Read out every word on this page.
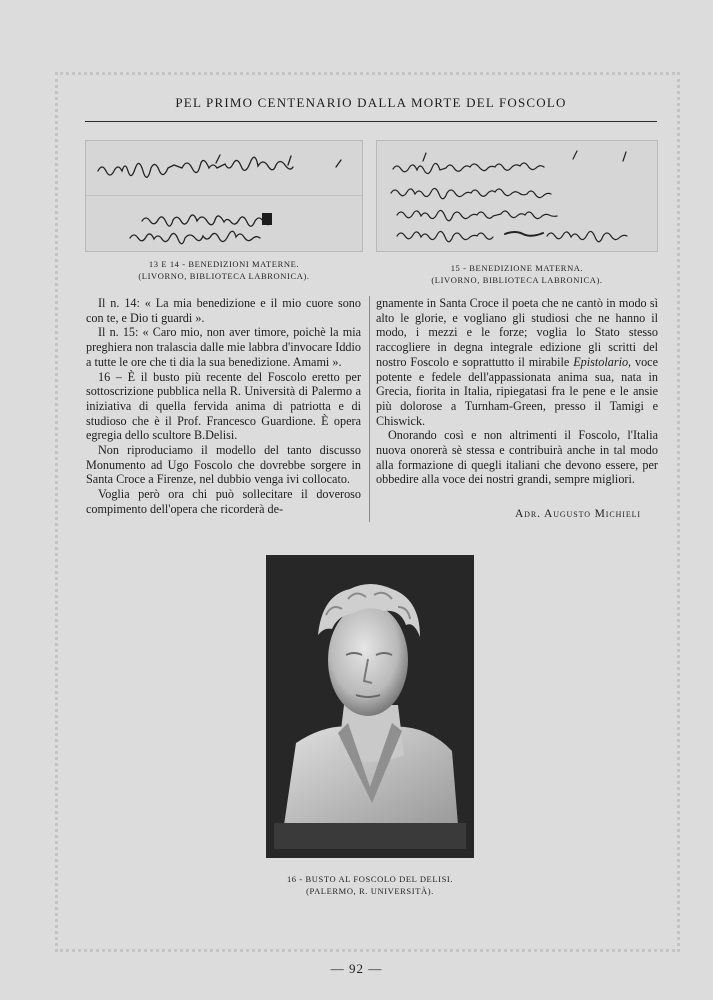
PEL PRIMO CENTENARIO DALLA MORTE DEL FOSCOLO
13 E 14 - BENEDIZIONI MATERNE.
(LIVORNO, BIBLIOTECA LABRONICA).
15 - BENEDIZIONE MATERNA.
(LIVORNO, BIBLIOTECA LABRONICA).

Il n. 14: « La mia benedizione e il mio cuore sono con te, e Dio ti guardi ».

Il n. 15: « Caro mio, non aver timore, poichè la mia preghiera non tralascia dalle mie labbra d'invocare Iddio a tutte le ore che ti dia la sua benedizione. Amami ».

16 – È il busto più recente del Foscolo eretto per sottoscrizione pubblica nella R. Università di Palermo a iniziativa di quella fervida anima di patriotta e di studioso che è il Prof. Francesco Guardione. È opera egregia dello scultore B.Delisi.

Non riproduciamo il modello del tanto discusso Monumento ad Ugo Foscolo che dovrebbe sorgere in Santa Croce a Firenze, nel dubbio venga ivi collocato.

Voglia però ora chi può sollecitare il doveroso compimento dell'opera che ricorderà de-

gnamente in Santa Croce il poeta che ne cantò in modo sì alto le glorie, e vogliano gli studiosi che ne hanno il modo, i mezzi e le forze; voglia lo Stato stesso raccogliere in degna integrale edizione gli scritti del nostro Foscolo e soprattutto il mirabile Epistolario, voce potente e fedele dell'appassionata anima sua, nata in Grecia, fiorita in Italia, ripiegatasi fra le pene e le ansie più dolorose a Turnham-Green, presso il Tamigi e Chiswick.

Onorando così e non altrimenti il Foscolo, l'Italia nuova onorerà sè stessa e contribuirà anche in tal modo alla formazione di quegli italiani che devono essere, per obbedire alla voce dei nostri grandi, sempre migliori.

Adr. Augusto Michieli
16 - BUSTO AL FOSCOLO DEL DELISI.
(PALERMO, R. UNIVERSITÀ).
— 92 —
